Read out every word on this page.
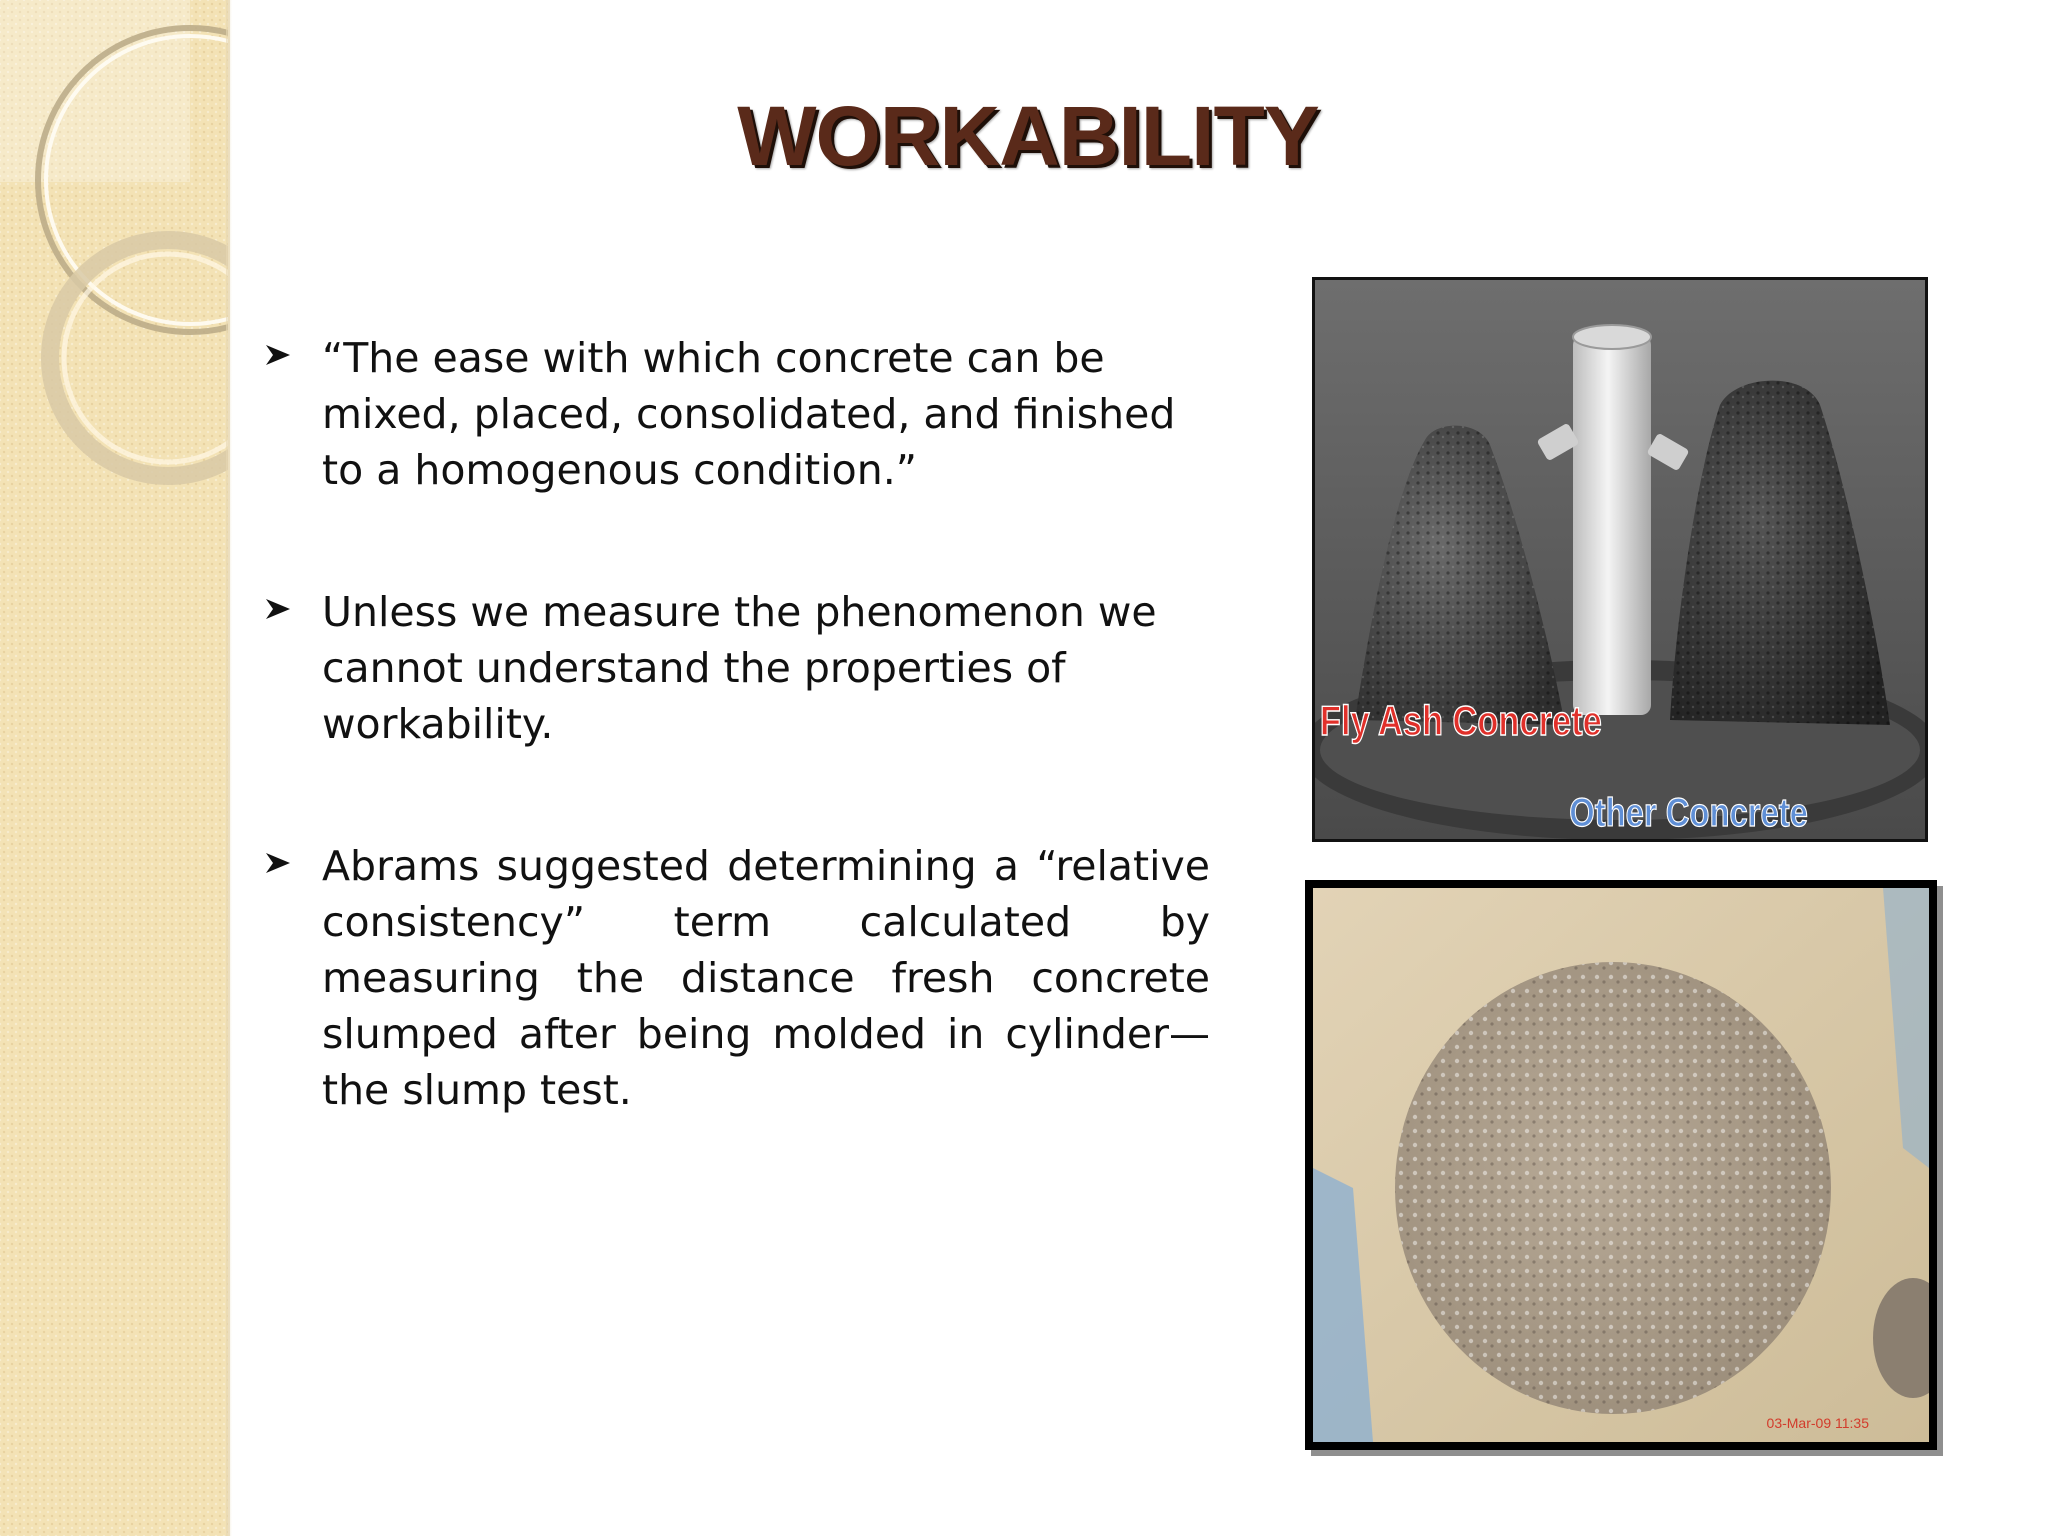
WORKABILITY
“The ease with which concrete can be mixed, placed, consolidated, and finished to a homogenous condition.”
Unless we measure the phenomenon we cannot understand the properties of workability.
Abrams suggested determining a “relative consistency” term calculated by measuring the distance fresh concrete slumped after being molded in cylinder—the slump test.
Fly Ash Concrete
Other Concrete
03-Mar-09 11:35
